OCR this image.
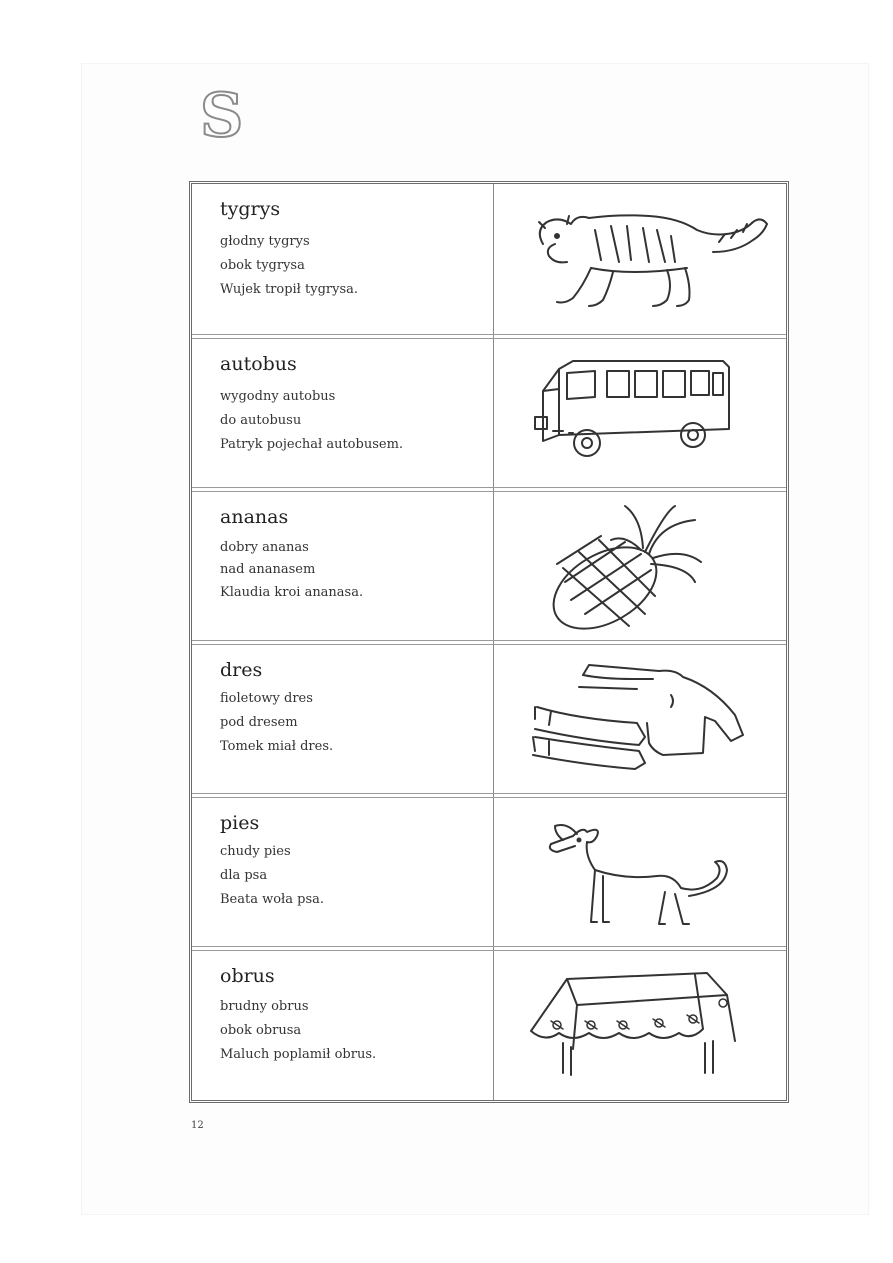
S
tygrys
głodny tygrys
obok tygrysa
Wujek tropił tygrysa.
autobus
wygodny autobus
do autobusu
Patryk pojechał autobusem.
ananas
dobry ananas
nad ananasem
Klaudia kroi ananasa.
dres
fioletowy dres
pod dresem
Tomek miał dres.
pies
chudy pies
dla psa
Beata woła psa.
obrus
brudny obrus
obok obrusa
Maluch poplamił obrus.
12
